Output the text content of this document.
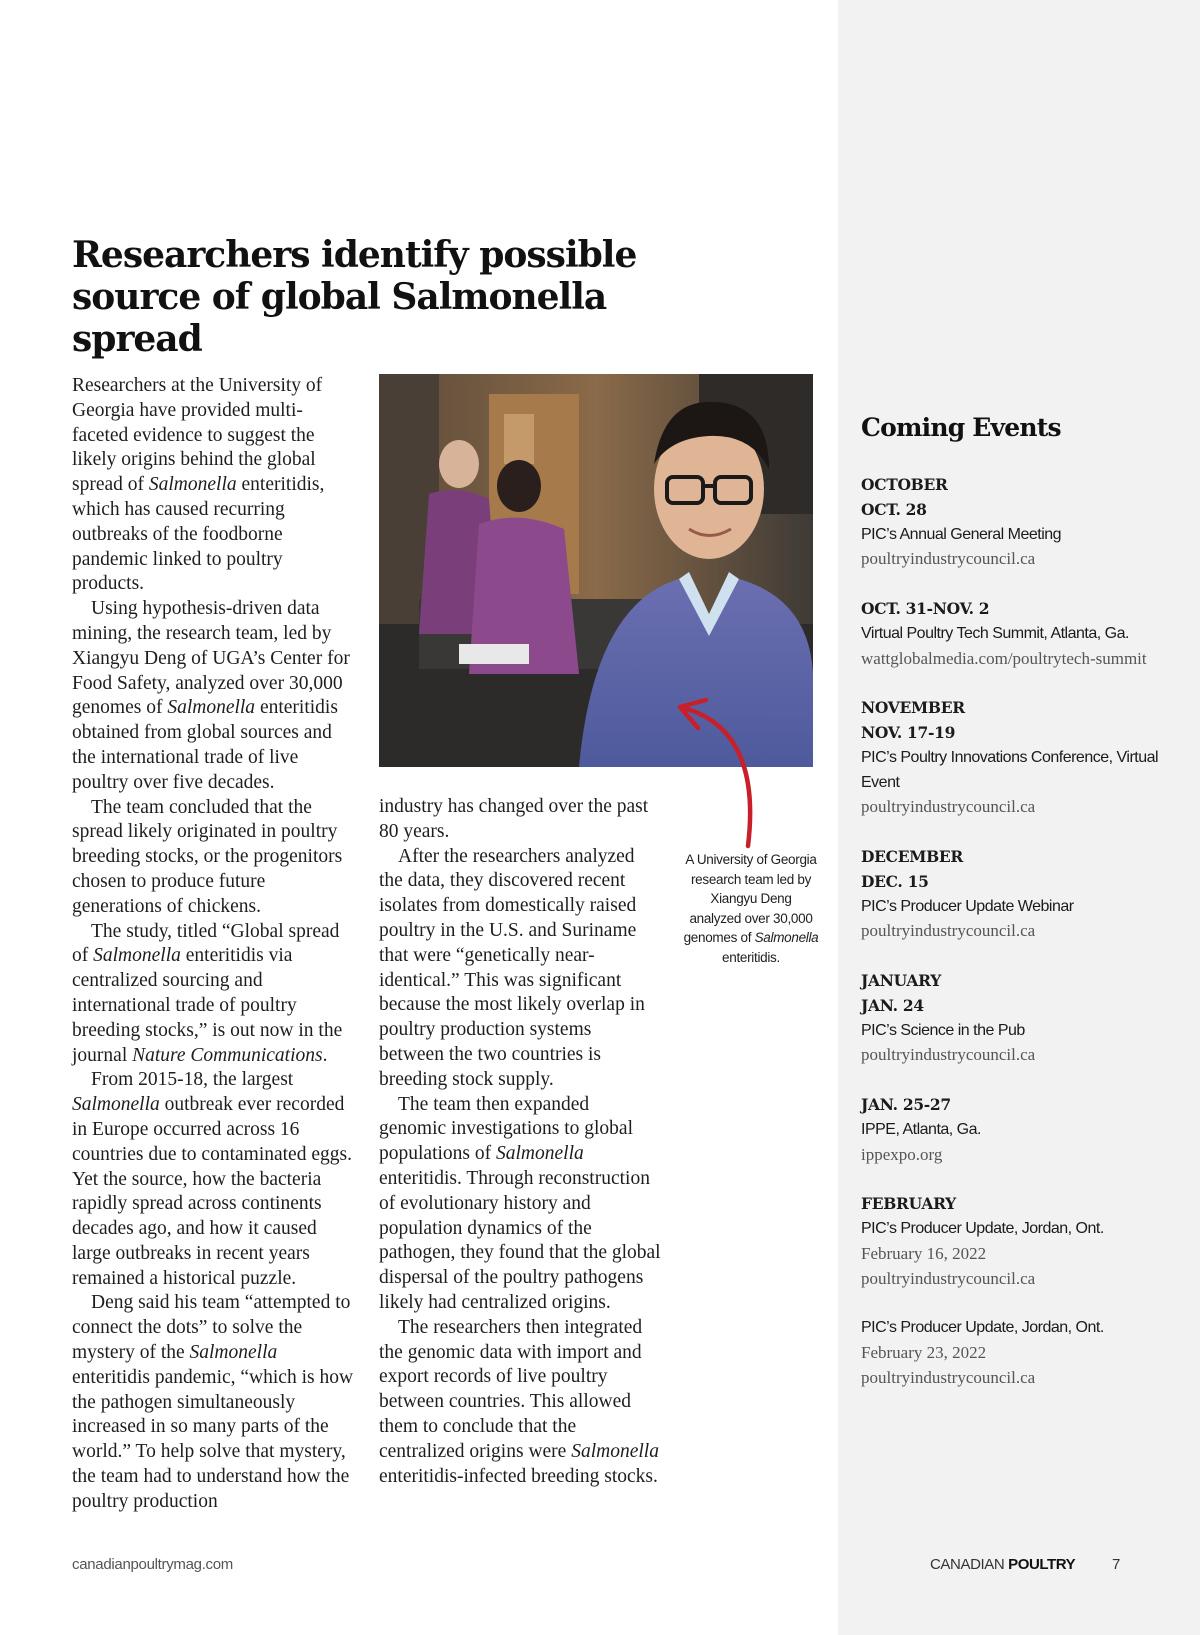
Researchers identify possible source of global Salmonella spread

Researchers at the University of Georgia have provided multi-faceted evidence to suggest the likely origins behind the global spread of Salmonella enteritidis, which has caused recurring outbreaks of the foodborne pandemic linked to poultry products.

Using hypothesis-driven data mining, the research team, led by Xiangyu Deng of UGA’s Center for Food Safety, analyzed over 30,000 genomes of Salmonella enteritidis obtained from global sources and the international trade of live poultry over five decades.

The team concluded that the spread likely originated in poultry breeding stocks, or the progenitors chosen to produce future generations of chickens.

The study, titled “Global spread of Salmonella enteritidis via centralized sourcing and international trade of poultry breeding stocks,” is out now in the journal Nature Communications.

From 2015-18, the largest Salmonella outbreak ever recorded in Europe occurred across 16 countries due to contaminated eggs. Yet the source, how the bacteria rapidly spread across continents decades ago, and how it caused large outbreaks in recent years remained a historical puzzle.

Deng said his team “attempted to connect the dots” to solve the mystery of the Salmonella enteritidis pandemic, “which is how the pathogen simultaneously increased in so many parts of the world.” To help solve that mystery, the team had to understand how the poultry production

A University of Georgia research team led by Xiangyu Deng analyzed over 30,000 genomes of Salmonella enteritidis.

industry has changed over the past 80 years.

After the researchers analyzed the data, they discovered recent isolates from domestically raised poultry in the U.S. and Suriname that were “genetically near-identical.” This was significant because the most likely overlap in poultry production systems between the two countries is breeding stock supply.

The team then expanded genomic investigations to global populations of Salmonella enteritidis. Through reconstruction of evolutionary history and population dynamics of the pathogen, they found that the global dispersal of the poultry pathogens likely had centralized origins.

The researchers then integrated the genomic data with import and export records of live poultry between countries. This allowed them to conclude that the centralized origins were Salmonella enteritidis-infected breeding stocks.

Coming Events
OCTOBER
OCT. 28
PIC’s Annual General Meeting
poultryindustrycouncil.ca
OCT. 31-NOV. 2
Virtual Poultry Tech Summit, Atlanta, Ga.
wattglobalmedia.com/poultrytech-summit
NOVEMBER
NOV. 17-19
PIC’s Poultry Innovations Conference, Virtual Event
poultryindustrycouncil.ca
DECEMBER
DEC. 15
PIC’s Producer Update Webinar
poultryindustrycouncil.ca
JANUARY
JAN. 24
PIC’s Science in the Pub
poultryindustrycouncil.ca
JAN. 25-27
IPPE, Atlanta, Ga.
ippexpo.org
FEBRUARY
PIC’s Producer Update, Jordan, Ont.
February 16, 2022
poultryindustrycouncil.ca
PIC’s Producer Update, Jordan, Ont.
February 23, 2022
poultryindustrycouncil.ca

canadianpoultrymag.com	CANADIAN POULTRY 7
